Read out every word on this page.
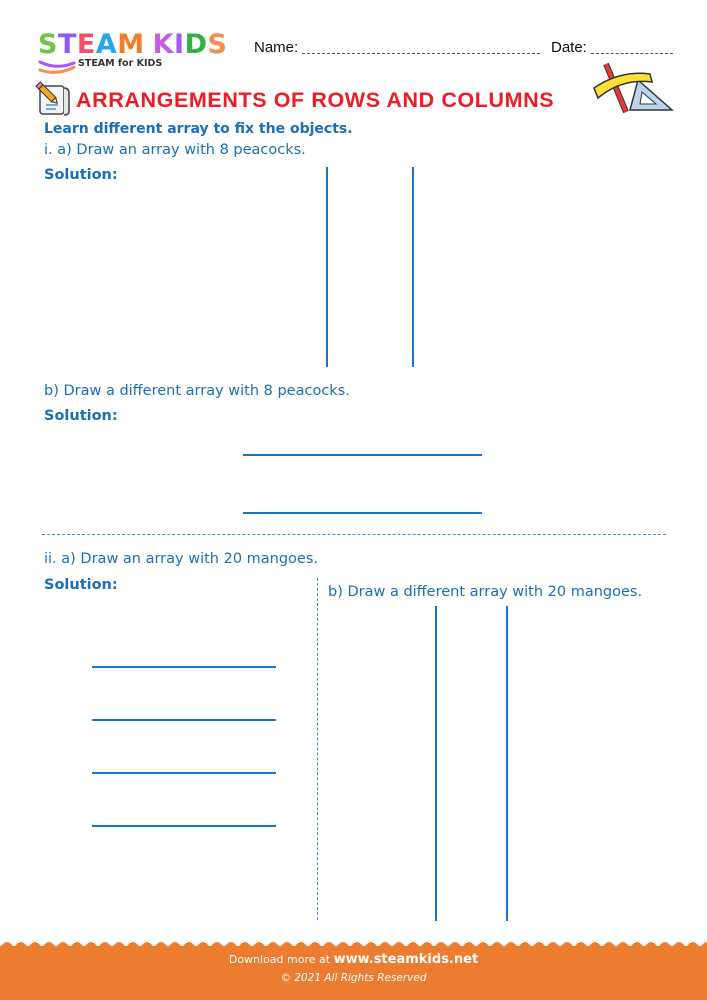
STEAM KIDS
STEAM for KIDS
Name:	Date:
ARRANGEMENTS OF ROWS AND COLUMNS
Learn different array to fix the objects.
i. a) Draw an array with 8 peacocks.
Solution:
b) Draw a different array with 8 peacocks.
Solution:
ii. a) Draw an array with 20 mangoes.
Solution:	b) Draw a different array with 20 mangoes.
Download more at www.steamkids.net
© 2021 All Rights Reserved
